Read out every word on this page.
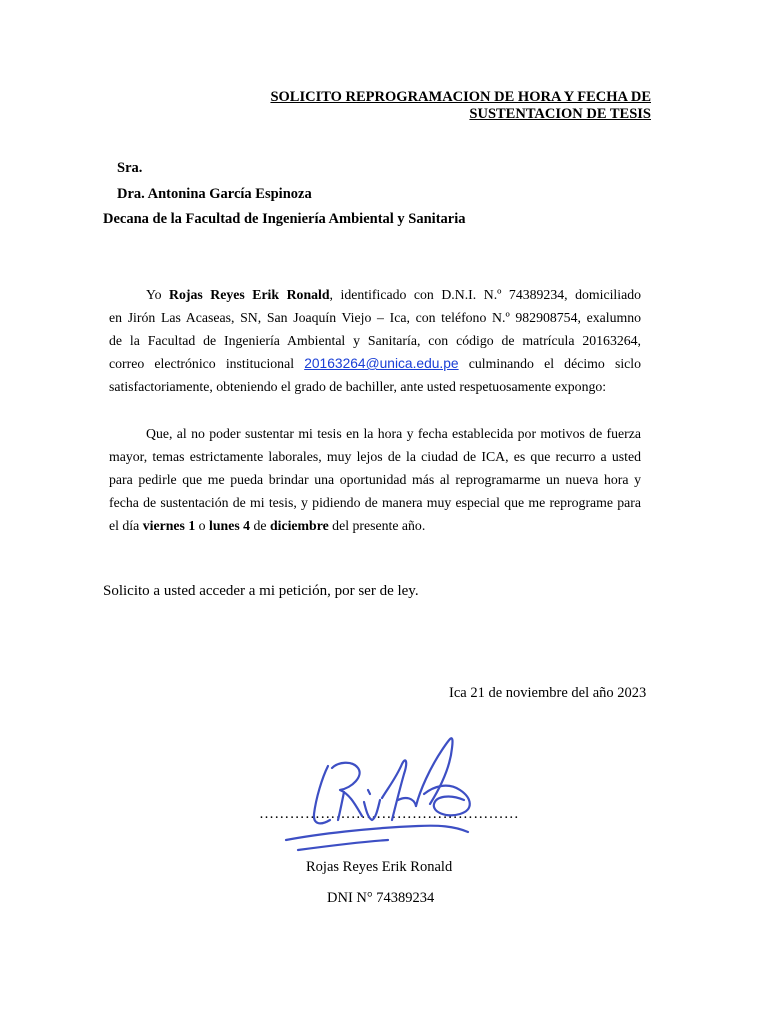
SOLICITO REPROGRAMACION DE HORA Y FECHA DE
SUSTENTACION DE TESIS
Sra.
Dra. Antonina García Espinoza
Decana de la Facultad de Ingeniería Ambiental y Sanitaria
Yo Rojas Reyes Erik Ronald, identificado con D.N.I. N.º 74389234, domiciliado
en Jirón Las Acaseas, SN, San Joaquín Viejo – Ica, con teléfono N.º 982908754, exalumno
de la Facultad de Ingeniería Ambiental y Sanitaría, con código de matrícula 20163264,
correo electrónico institucional 20163264@unica.edu.pe culminando el décimo siclo
satisfactoriamente, obteniendo el grado de bachiller, ante usted respetuosamente expongo:
Que, al no poder sustentar mi tesis en la hora y fecha establecida por motivos de fuerza
mayor, temas estrictamente laborales, muy lejos de la ciudad de ICA, es que recurro a usted
para pedirle que me pueda brindar una oportunidad más al reprogramarme un nueva hora y
fecha de sustentación de mi tesis, y pidiendo de manera muy especial que me reprograme para
el día viernes 1 o lunes 4 de diciembre del presente año.
Solicito a usted acceder a mi petición, por ser de ley.
Ica 21 de noviembre del año 2023
……………………………………………
Rojas Reyes Erik Ronald
DNI N° 74389234
